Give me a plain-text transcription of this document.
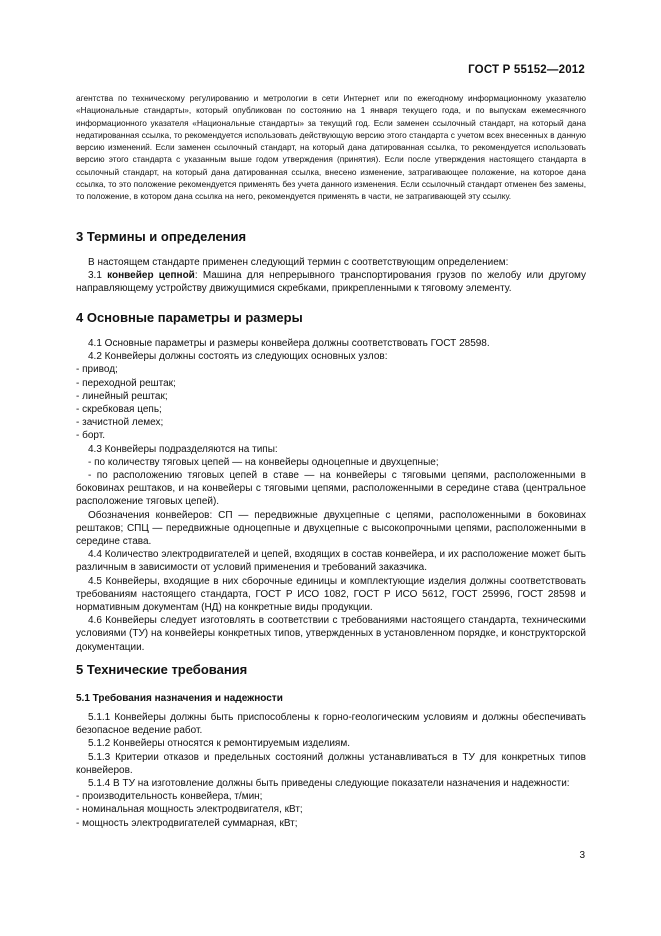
ГОСТ Р 55152—2012

агентства по техническому регулированию и метрологии в сети Интернет или по ежегодному информационному указателю «Национальные стандарты», который опубликован по состоянию на 1 января текущего года, и по выпускам ежемесячного информационного указателя «Национальные стандарты» за текущий год. Если заменен ссылочный стандарт, на который дана недатированная ссылка, то рекомендуется использовать действующую версию этого стандарта с учетом всех внесенных в данную версию изменений. Если заменен ссылочный стандарт, на который дана датированная ссылка, то рекомендуется использовать версию этого стандарта с указанным выше годом утверждения (принятия). Если после утверждения настоящего стандарта в ссылочный стандарт, на который дана датированная ссылка, внесено изменение, затрагивающее положение, на которое дана ссылка, то это положение рекомендуется применять без учета данного изменения. Если ссылочный стандарт отменен без замены, то положение, в котором дана ссылка на него, рекомендуется применять в части, не затрагивающей эту ссылку.

3 Термины и определения

В настоящем стандарте применен следующий термин с соответствующим определением:

3.1 конвейер цепной: Машина для непрерывного транспортирования грузов по желобу или другому направляющему устройству движущимися скребками, прикрепленными к тяговому элементу.

4 Основные параметры и размеры

4.1 Основные параметры и размеры конвейера должны соответствовать ГОСТ 28598.

4.2 Конвейеры должны состоять из следующих основных узлов:

- привод;

- переходной рештак;

- линейный рештак;

- скребковая цепь;

- зачистной лемех;

- борт.

4.3 Конвейеры подразделяются на типы:

- по количеству тяговых цепей — на конвейеры одноцепные и двухцепные;

- по расположению тяговых цепей в ставе — на конвейеры с тяговыми цепями, расположенными в боковинах рештаков, и на конвейеры с тяговыми цепями, расположенными в середине става (центральное расположение тяговых цепей).

Обозначения конвейеров: СП — передвижные двухцепные с цепями, расположенными в боковинах рештаков; СПЦ — передвижные одноцепные и двухцепные с высокопрочными цепями, расположенными в середине става.

4.4 Количество электродвигателей и цепей, входящих в состав конвейера, и их расположение может быть различным в зависимости от условий применения и требований заказчика.

4.5 Конвейеры, входящие в них сборочные единицы и комплектующие изделия должны соответствовать требованиям настоящего стандарта, ГОСТ Р ИСО 1082, ГОСТ Р ИСО 5612, ГОСТ 25996, ГОСТ 28598 и нормативным документам (НД) на конкретные виды продукции.

4.6 Конвейеры следует изготовлять в соответствии с требованиями настоящего стандарта, техническими условиями (ТУ) на конвейеры конкретных типов, утвержденных в установленном порядке, и конструкторской документации.

5 Технические требования
5.1 Требования назначения и надежности

5.1.1 Конвейеры должны быть приспособлены к горно-геологическим условиям и должны обеспечивать безопасное ведение работ.

5.1.2 Конвейеры относятся к ремонтируемым изделиям.

5.1.3 Критерии отказов и предельных состояний должны устанавливаться в ТУ для конкретных типов конвейеров.

5.1.4 В ТУ на изготовление должны быть приведены следующие показатели назначения и надежности:

- производительность конвейера, т/мин;

- номинальная мощность электродвигателя, кВт;

- мощность электродвигателей суммарная, кВт;

3
